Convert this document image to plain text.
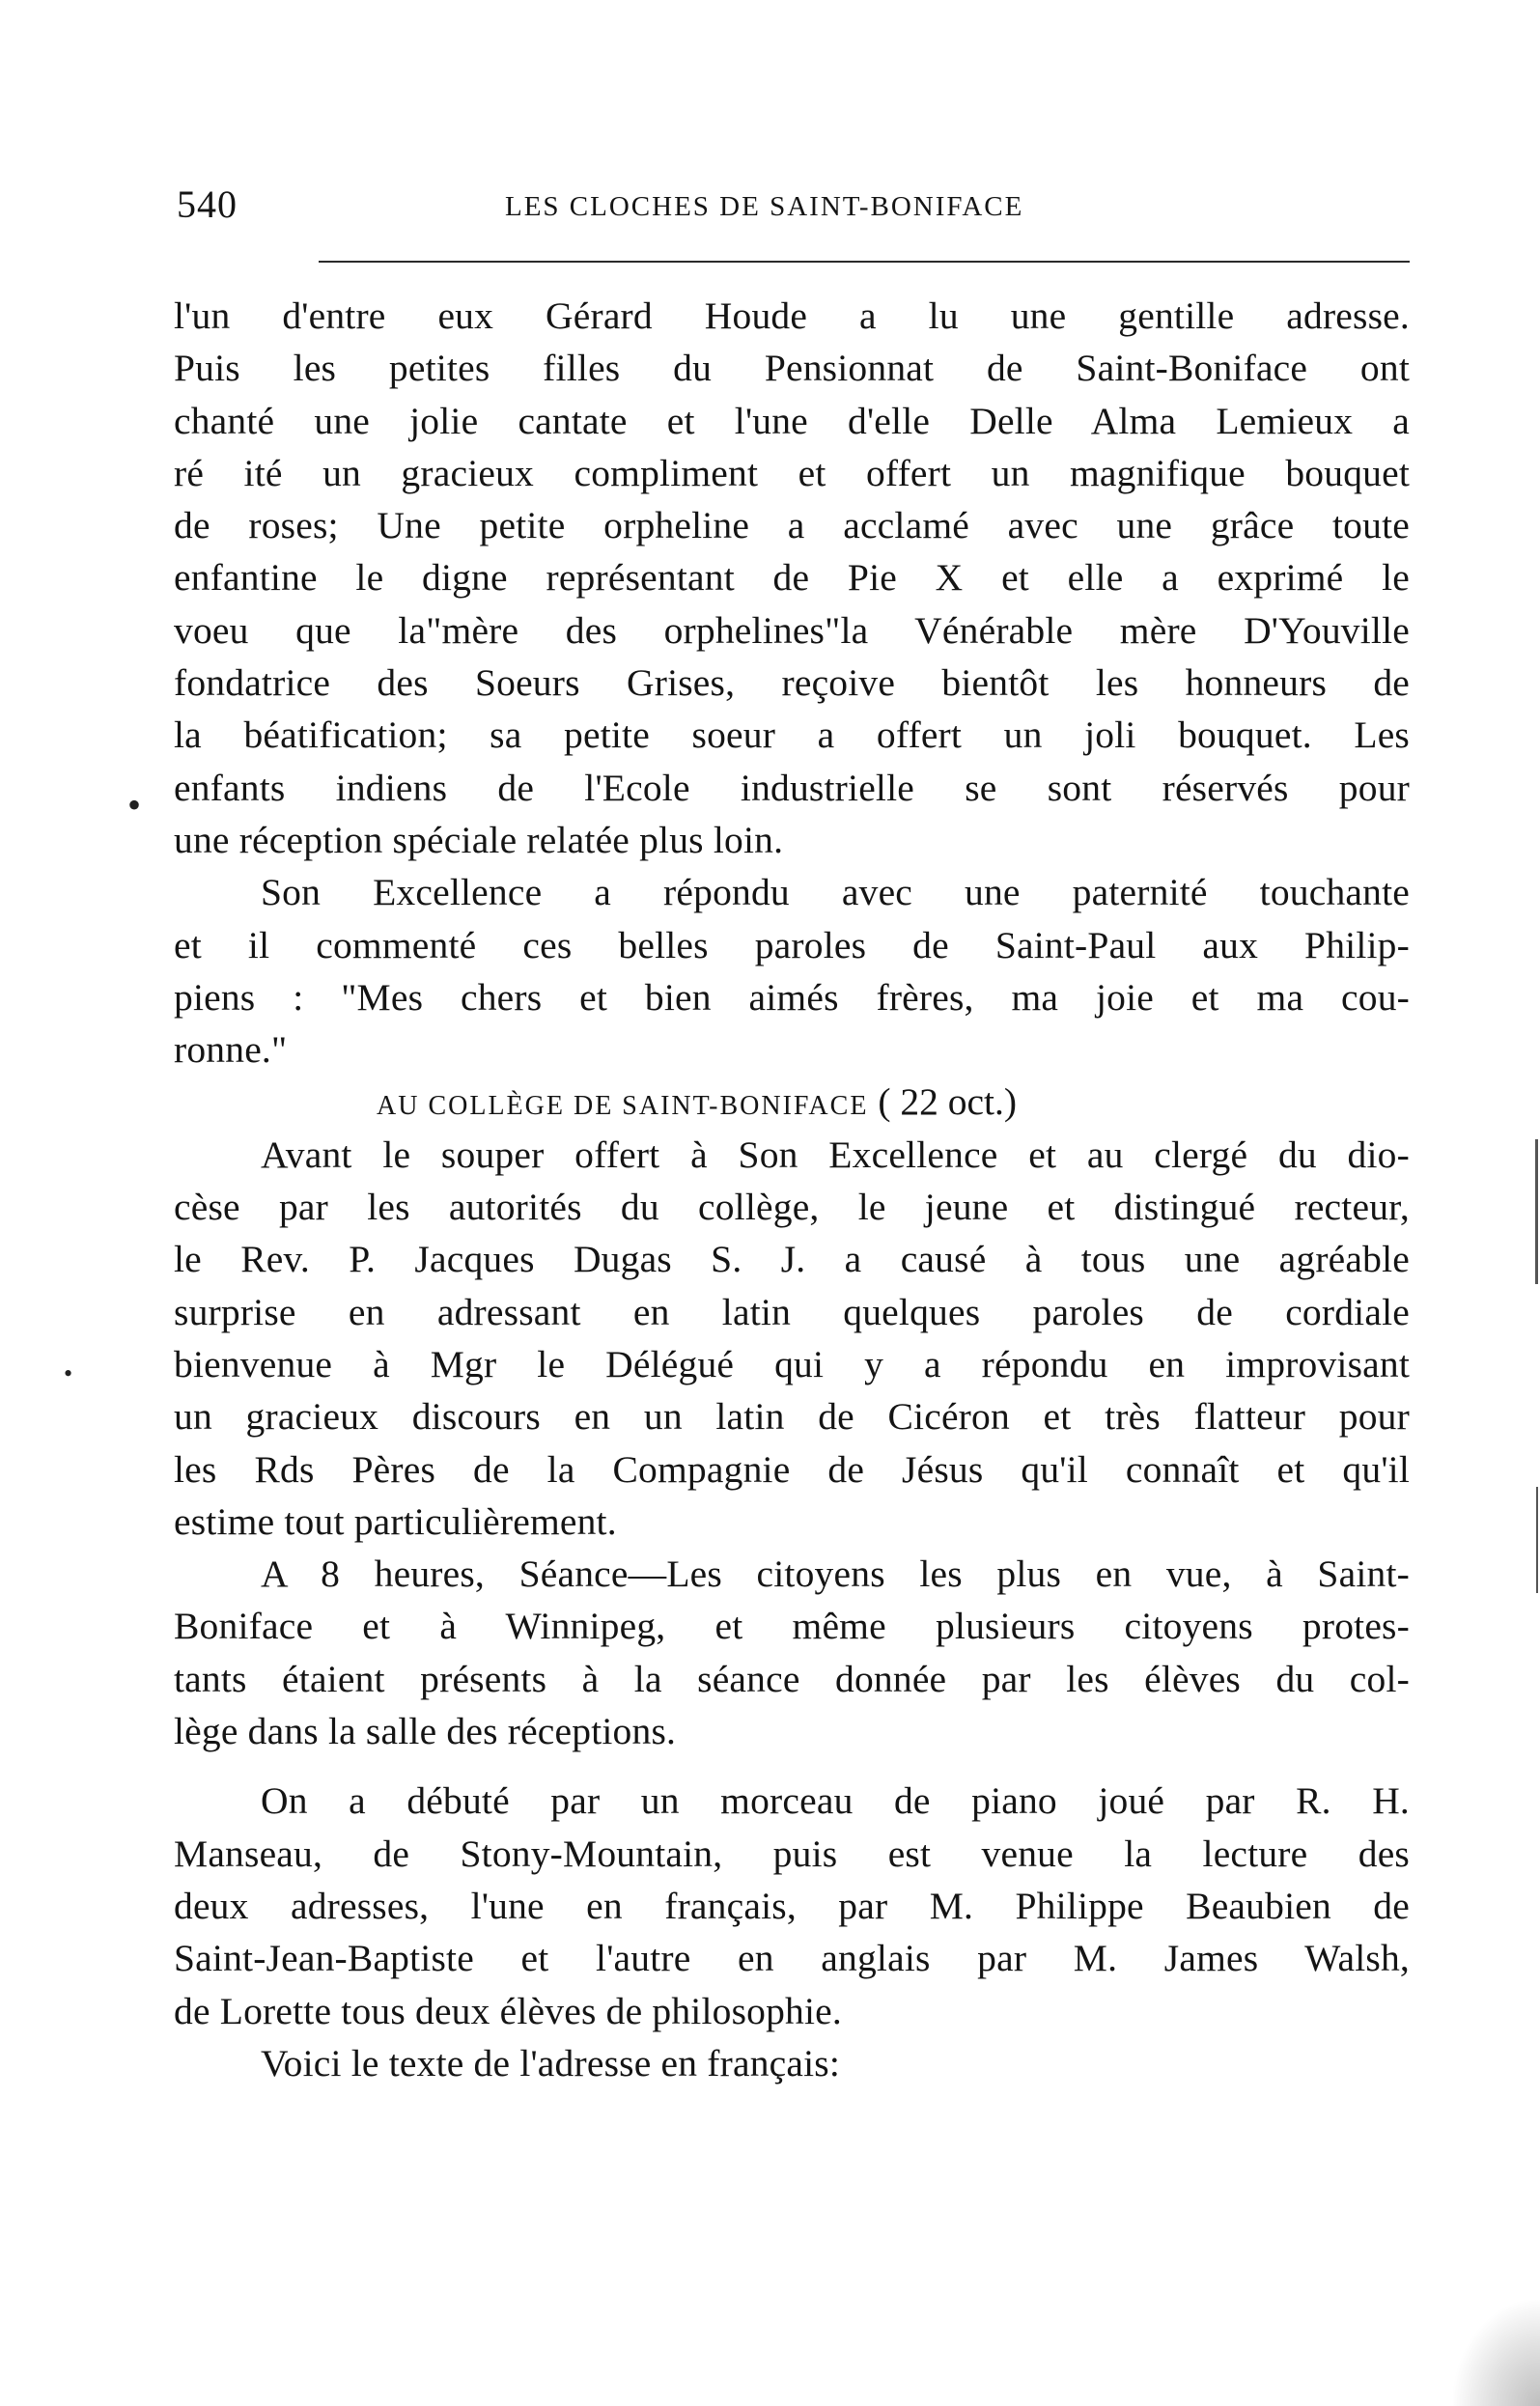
540	LES CLOCHES DE SAINT-BONIFACE
l'un d'entre eux Gérard Houde a lu une gentille adresse.
Puis les petites filles du Pensionnat de Saint-Boniface ont
chanté une jolie cantate et l'une d'elle Delle Alma Lemieux a
ré ité un gracieux compliment et offert un magnifique bouquet
de roses; Une petite orpheline a acclamé avec une grâce toute
enfantine le digne représentant de Pie X et elle a exprimé le
voeu que la"mère des orphelines"la Vénérable mère D'Youville
fondatrice des Soeurs Grises, reçoive bientôt les honneurs de
la béatification; sa petite soeur a offert un joli bouquet. Les
enfants indiens de l'Ecole industrielle se sont réservés pour
une réception spéciale relatée plus loin.
Son Excellence a répondu avec une paternité touchante
et il commenté ces belles paroles de Saint-Paul aux Philip-
piens : "Mes chers et bien aimés frères, ma joie et ma cou-
ronne."
AU COLLÈGE DE SAINT-BONIFACE ( 22 oct.)
Avant le souper offert à Son Excellence et au clergé du dio-
cèse par les autorités du collège, le jeune et distingué recteur,
le Rev. P. Jacques Dugas S. J. a causé à tous une agréable
surprise en adressant en latin quelques paroles de cordiale
bienvenue à Mgr le Délégué qui y a répondu en improvisant
un gracieux discours en un latin de Cicéron et très flatteur pour
les Rds Pères de la Compagnie de Jésus qu'il connaît et qu'il
estime tout particulièrement.
A 8 heures, Séance—Les citoyens les plus en vue, à Saint-
Boniface et à Winnipeg, et même plusieurs citoyens protes-
tants étaient présents à la séance donnée par les élèves du col-
lège dans la salle des réceptions.
On a débuté par un morceau de piano joué par R. H.
Manseau, de Stony-Mountain, puis est venue la lecture des
deux adresses, l'une en français, par M. Philippe Beaubien de
Saint-Jean-Baptiste et l'autre en anglais par M. James Walsh,
de Lorette tous deux élèves de philosophie.
Voici le texte de l'adresse en français:
•
•
